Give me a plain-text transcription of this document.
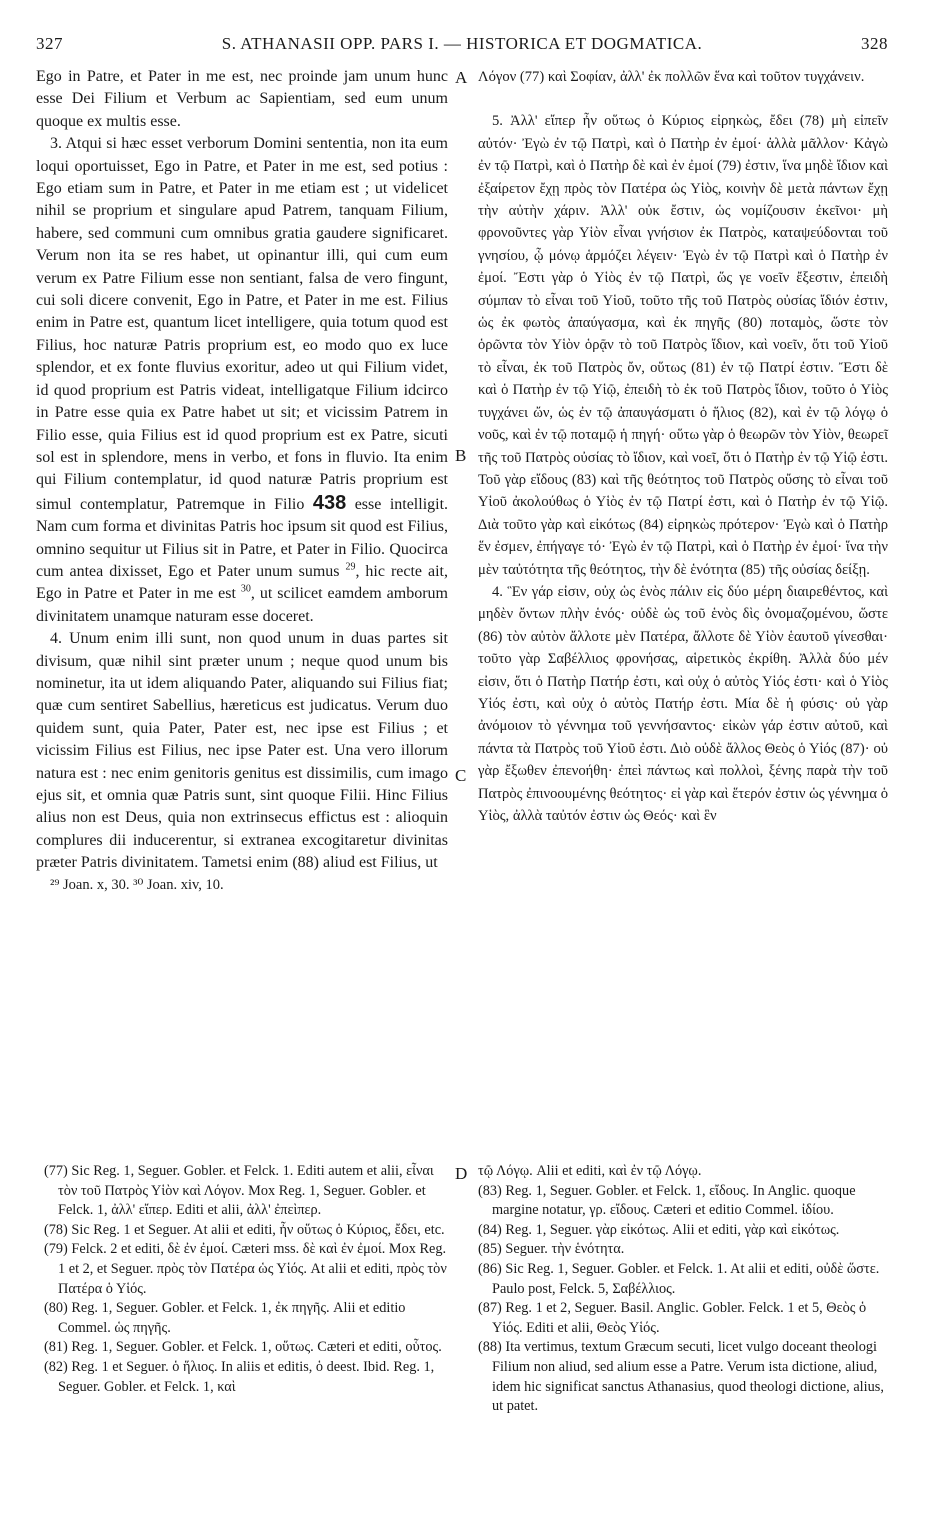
327	S. ATHANASII OPP. PARS I. — HISTORICA ET DOGMATICA.	328

Ego in Patre, et Pater in me est, nec proinde jam unum hunc esse Dei Filium et Verbum ac Sapientiam, sed eum unum quoque ex multis esse.

3. Atqui si hæc esset verborum Domini sententia, non ita eum loqui oportuisset, Ego in Patre, et Pater in me est, sed potius : Ego etiam sum in Patre, et Pater in me etiam est ; ut videlicet nihil se proprium et singulare apud Patrem, tanquam Filium, habere, sed communi cum omnibus gratia gaudere significaret. Verum non ita se res habet, ut opinantur illi, qui cum eum verum ex Patre Filium esse non sentiant, falsa de vero fingunt, cui soli dicere convenit, Ego in Patre, et Pater in me est. Filius enim in Patre est, quantum licet intelligere, quia totum quod est Filius, hoc naturæ Patris proprium est, eo modo quo ex luce splendor, et ex fonte fluvius exoritur, adeo ut qui Filium videt, id quod proprium est Patris videat, intelligatque Filium idcirco in Patre esse quia ex Patre habet ut sit; et vicissim Patrem in Filio esse, quia Filius est id quod proprium est ex Patre, sicuti sol est in splendore, mens in verbo, et fons in fluvio. Ita enim qui Filium contemplatur, id quod naturæ Patris proprium est simul contemplatur, Patremque in Filio 438 esse intelligit. Nam cum forma et divinitas Patris hoc ipsum sit quod est Filius, omnino sequitur ut Filius sit in Patre, et Pater in Filio. Quocirca cum antea dixisset, Ego et Pater unum sumus $^{29}$, hic recte ait, Ego in Patre et Pater in me est $^{30}$, ut scilicet eamdem amborum divinitatem unamque naturam esse doceret.

4. Unum enim illi sunt, non quod unum in duas partes sit divisum, quæ nihil sint præter unum ; neque quod unum bis nominetur, ita ut idem aliquando Pater, aliquando sui Filius fiat; quæ cum sentiret Sabellius, hæreticus est judicatus. Verum duo quidem sunt, quia Pater, Pater est, nec ipse est Filius ; et vicissim Filius est Filius, nec ipse Pater est. Una vero illorum natura est : nec enim genitoris genitus est dissimilis, cum imago ejus sit, et omnia quæ Patris sunt, sint quoque Filii. Hinc Filius alius non est Deus, quia non extrinsecus effictus est : alioquin complures dii inducerentur, si extranea excogitaretur divinitas præter Patris divinitatem. Tametsi enim (88) aliud est Filius, ut

²⁹ Joan. x, 30. ³⁰ Joan. xiv, 10.

Λόγον (77) καὶ Σοφίαν, ἀλλ' ἐκ πολλῶν ἕνα καὶ τοῦτον τυγχάνειν.

5. Ἀλλ' εἴπερ ἦν οὕτως ὁ Κύριος εἰρηκὼς, ἔδει (78) μὴ εἰπεῖν αὐτόν· Ἐγὼ ἐν τῷ Πατρὶ, καὶ ὁ Πατὴρ ἐν ἐμοί· ἀλλὰ μᾶλλον· Κἀγὼ ἐν τῷ Πατρὶ, καὶ ὁ Πατὴρ δὲ καὶ ἐν ἐμοί (79) ἐστιν, ἵνα μηδὲ ἴδιον καὶ ἐξαίρετον ἔχῃ πρὸς τὸν Πατέρα ὡς Υἱὸς, κοινὴν δὲ μετὰ πάντων ἔχῃ τὴν αὐτὴν χάριν. Ἀλλ' οὐκ ἔστιν, ὡς νομίζουσιν ἐκεῖνοι· μὴ φρονοῦντες γὰρ Υἱὸν εἶναι γνήσιον ἐκ Πατρὸς, καταψεύδονται τοῦ γνησίου, ᾧ μόνῳ ἁρμόζει λέγειν· Ἐγὼ ἐν τῷ Πατρὶ καὶ ὁ Πατὴρ ἐν ἐμοί. Ἔστι γὰρ ὁ Υἱὸς ἐν τῷ Πατρὶ, ὥς γε νοεῖν ἔξεστιν, ἐπειδὴ σύμπαν τὸ εἶναι τοῦ Υἱοῦ, τοῦτο τῆς τοῦ Πατρὸς οὐσίας ἴδιόν ἐστιν, ὡς ἐκ φωτὸς ἀπαύγασμα, καὶ ἐκ πηγῆς (80) ποταμὸς, ὥστε τὸν ὁρῶντα τὸν Υἱὸν ὁρᾷν τὸ τοῦ Πατρὸς ἴδιον, καὶ νοεῖν, ὅτι τοῦ Υἱοῦ τὸ εἶναι, ἐκ τοῦ Πατρὸς ὄν, οὕτως (81) ἐν τῷ Πατρί ἐστιν. Ἔστι δὲ καὶ ὁ Πατὴρ ἐν τῷ Υἱῷ, ἐπειδὴ τὸ ἐκ τοῦ Πατρὸς ἴδιον, τοῦτο ὁ Υἱὸς τυγχάνει ὤν, ὡς ἐν τῷ ἀπαυγάσματι ὁ ἥλιος (82), καὶ ἐν τῷ λόγῳ ὁ νοῦς, καὶ ἐν τῷ ποταμῷ ἡ πηγή· οὕτω γὰρ ὁ θεωρῶν τὸν Υἱὸν, θεωρεῖ τῆς τοῦ Πατρὸς οὐσίας τὸ ἴδιον, καὶ νοεῖ, ὅτι ὁ Πατὴρ ἐν τῷ Υἱῷ ἐστι. Τοῦ γὰρ εἴδους (83) καὶ τῆς θεότητος τοῦ Πατρὸς οὔσης τὸ εἶναι τοῦ Υἱοῦ ἀκολούθως ὁ Υἱὸς ἐν τῷ Πατρί ἐστι, καὶ ὁ Πατὴρ ἐν τῷ Υἱῷ. Διὰ τοῦτο γὰρ καὶ εἰκότως (84) εἰρηκὼς πρότερον· Ἐγὼ καὶ ὁ Πατὴρ ἕν ἐσμεν, ἐπήγαγε τό· Ἐγὼ ἐν τῷ Πατρὶ, καὶ ὁ Πατὴρ ἐν ἐμοί· ἵνα τὴν μὲν ταὐτότητα τῆς θεότητος, τὴν δὲ ἑνότητα (85) τῆς οὐσίας δείξῃ.

4. Ἓν γάρ εἰσιν, οὐχ ὡς ἑνὸς πάλιν εἰς δύο μέρη διαιρεθέντος, καὶ μηδὲν ὄντων πλὴν ἑνός· οὐδὲ ὡς τοῦ ἑνὸς δὶς ὀνομαζομένου, ὥστε (86) τὸν αὐτὸν ἄλλοτε μὲν Πατέρα, ἄλλοτε δὲ Υἱὸν ἑαυτοῦ γίνεσθαι· τοῦτο γὰρ Σαβέλλιος φρονήσας, αἱρετικὸς ἐκρίθη. Ἀλλὰ δύο μέν εἰσιν, ὅτι ὁ Πατὴρ Πατήρ ἐστι, καὶ οὐχ ὁ αὐτὸς Υἱός ἐστι· καὶ ὁ Υἱὸς Υἱός ἐστι, καὶ οὐχ ὁ αὐτὸς Πατήρ ἐστι. Μία δὲ ἡ φύσις· οὐ γὰρ ἀνόμοιον τὸ γέννημα τοῦ γεννήσαντος· εἰκὼν γάρ ἐστιν αὐτοῦ, καὶ πάντα τὰ Πατρὸς τοῦ Υἱοῦ ἐστι. Διὸ οὐδὲ ἄλλος Θεὸς ὁ Υἱός (87)· οὐ γὰρ ἔξωθεν ἐπενοήθη· ἐπεὶ πάντως καὶ πολλοὶ, ξένης παρὰ τὴν τοῦ Πατρὸς ἐπινοουμένης θεότητος· εἰ γὰρ καὶ ἕτερόν ἐστιν ὡς γέννημα ὁ Υἱὸς, ἀλλὰ ταὐτόν ἐστιν ὡς Θεός· καὶ ἓν

A
B
C
D

(77) Sic Reg. 1, Seguer. Gobler. et Felck. 1. Editi autem et alii, εἶναι τὸν τοῦ Πατρὸς Υἱὸν καὶ Λόγον. Mox Reg. 1, Seguer. Gobler. et Felck. 1, ἀλλ' εἴπερ. Editi et alii, ἀλλ' ἐπεὶπερ.

(78) Sic Reg. 1 et Seguer. At alii et editi, ἦν οὕτως ὁ Κύριος, ἔδει, etc.

(79) Felck. 2 et editi, δὲ ἐν ἐμοί. Cæteri mss. δὲ καὶ ἐν ἐμοί. Mox Reg. 1 et 2, et Seguer. πρὸς τὸν Πατέρα ὡς Υἱός. At alii et editi, πρὸς τὸν Πατέρα ὁ Υἱός.

(80) Reg. 1, Seguer. Gobler. et Felck. 1, ἐκ πηγῆς. Alii et editio Commel. ὡς πηγῆς.

(81) Reg. 1, Seguer. Gobler. et Felck. 1, οὕτως. Cæteri et editi, οὗτος.

(82) Reg. 1 et Seguer. ὁ ἥλιος. In aliis et editis, ὁ deest. Ibid. Reg. 1, Seguer. Gobler. et Felck. 1, καὶ

τῷ Λόγῳ. Alii et editi, καὶ ἐν τῷ Λόγῳ.

(83) Reg. 1, Seguer. Gobler. et Felck. 1, εἴδους. In Anglic. quoque margine notatur, γρ. εἴδους. Cæteri et editio Commel. ἰδίου.

(84) Reg. 1, Seguer. γὰρ εἰκότως. Alii et editi, γὰρ καὶ εἰκότως.

(85) Seguer. τὴν ἑνότητα.

(86) Sic Reg. 1, Seguer. Gobler. et Felck. 1. At alii et editi, οὐδὲ ὥστε. Paulo post, Felck. 5, Σαβέλλιος.

(87) Reg. 1 et 2, Seguer. Basil. Anglic. Gobler. Felck. 1 et 5, Θεὸς ὁ Υἱός. Editi et alii, Θεὸς Υἱός.

(88) Ita vertimus, textum Græcum secuti, licet vulgo doceant theologi Filium non aliud, sed alium esse a Patre. Verum ista dictione, aliud, idem hic significat sanctus Athanasius, quod theologi dictione, alius, ut patet.
